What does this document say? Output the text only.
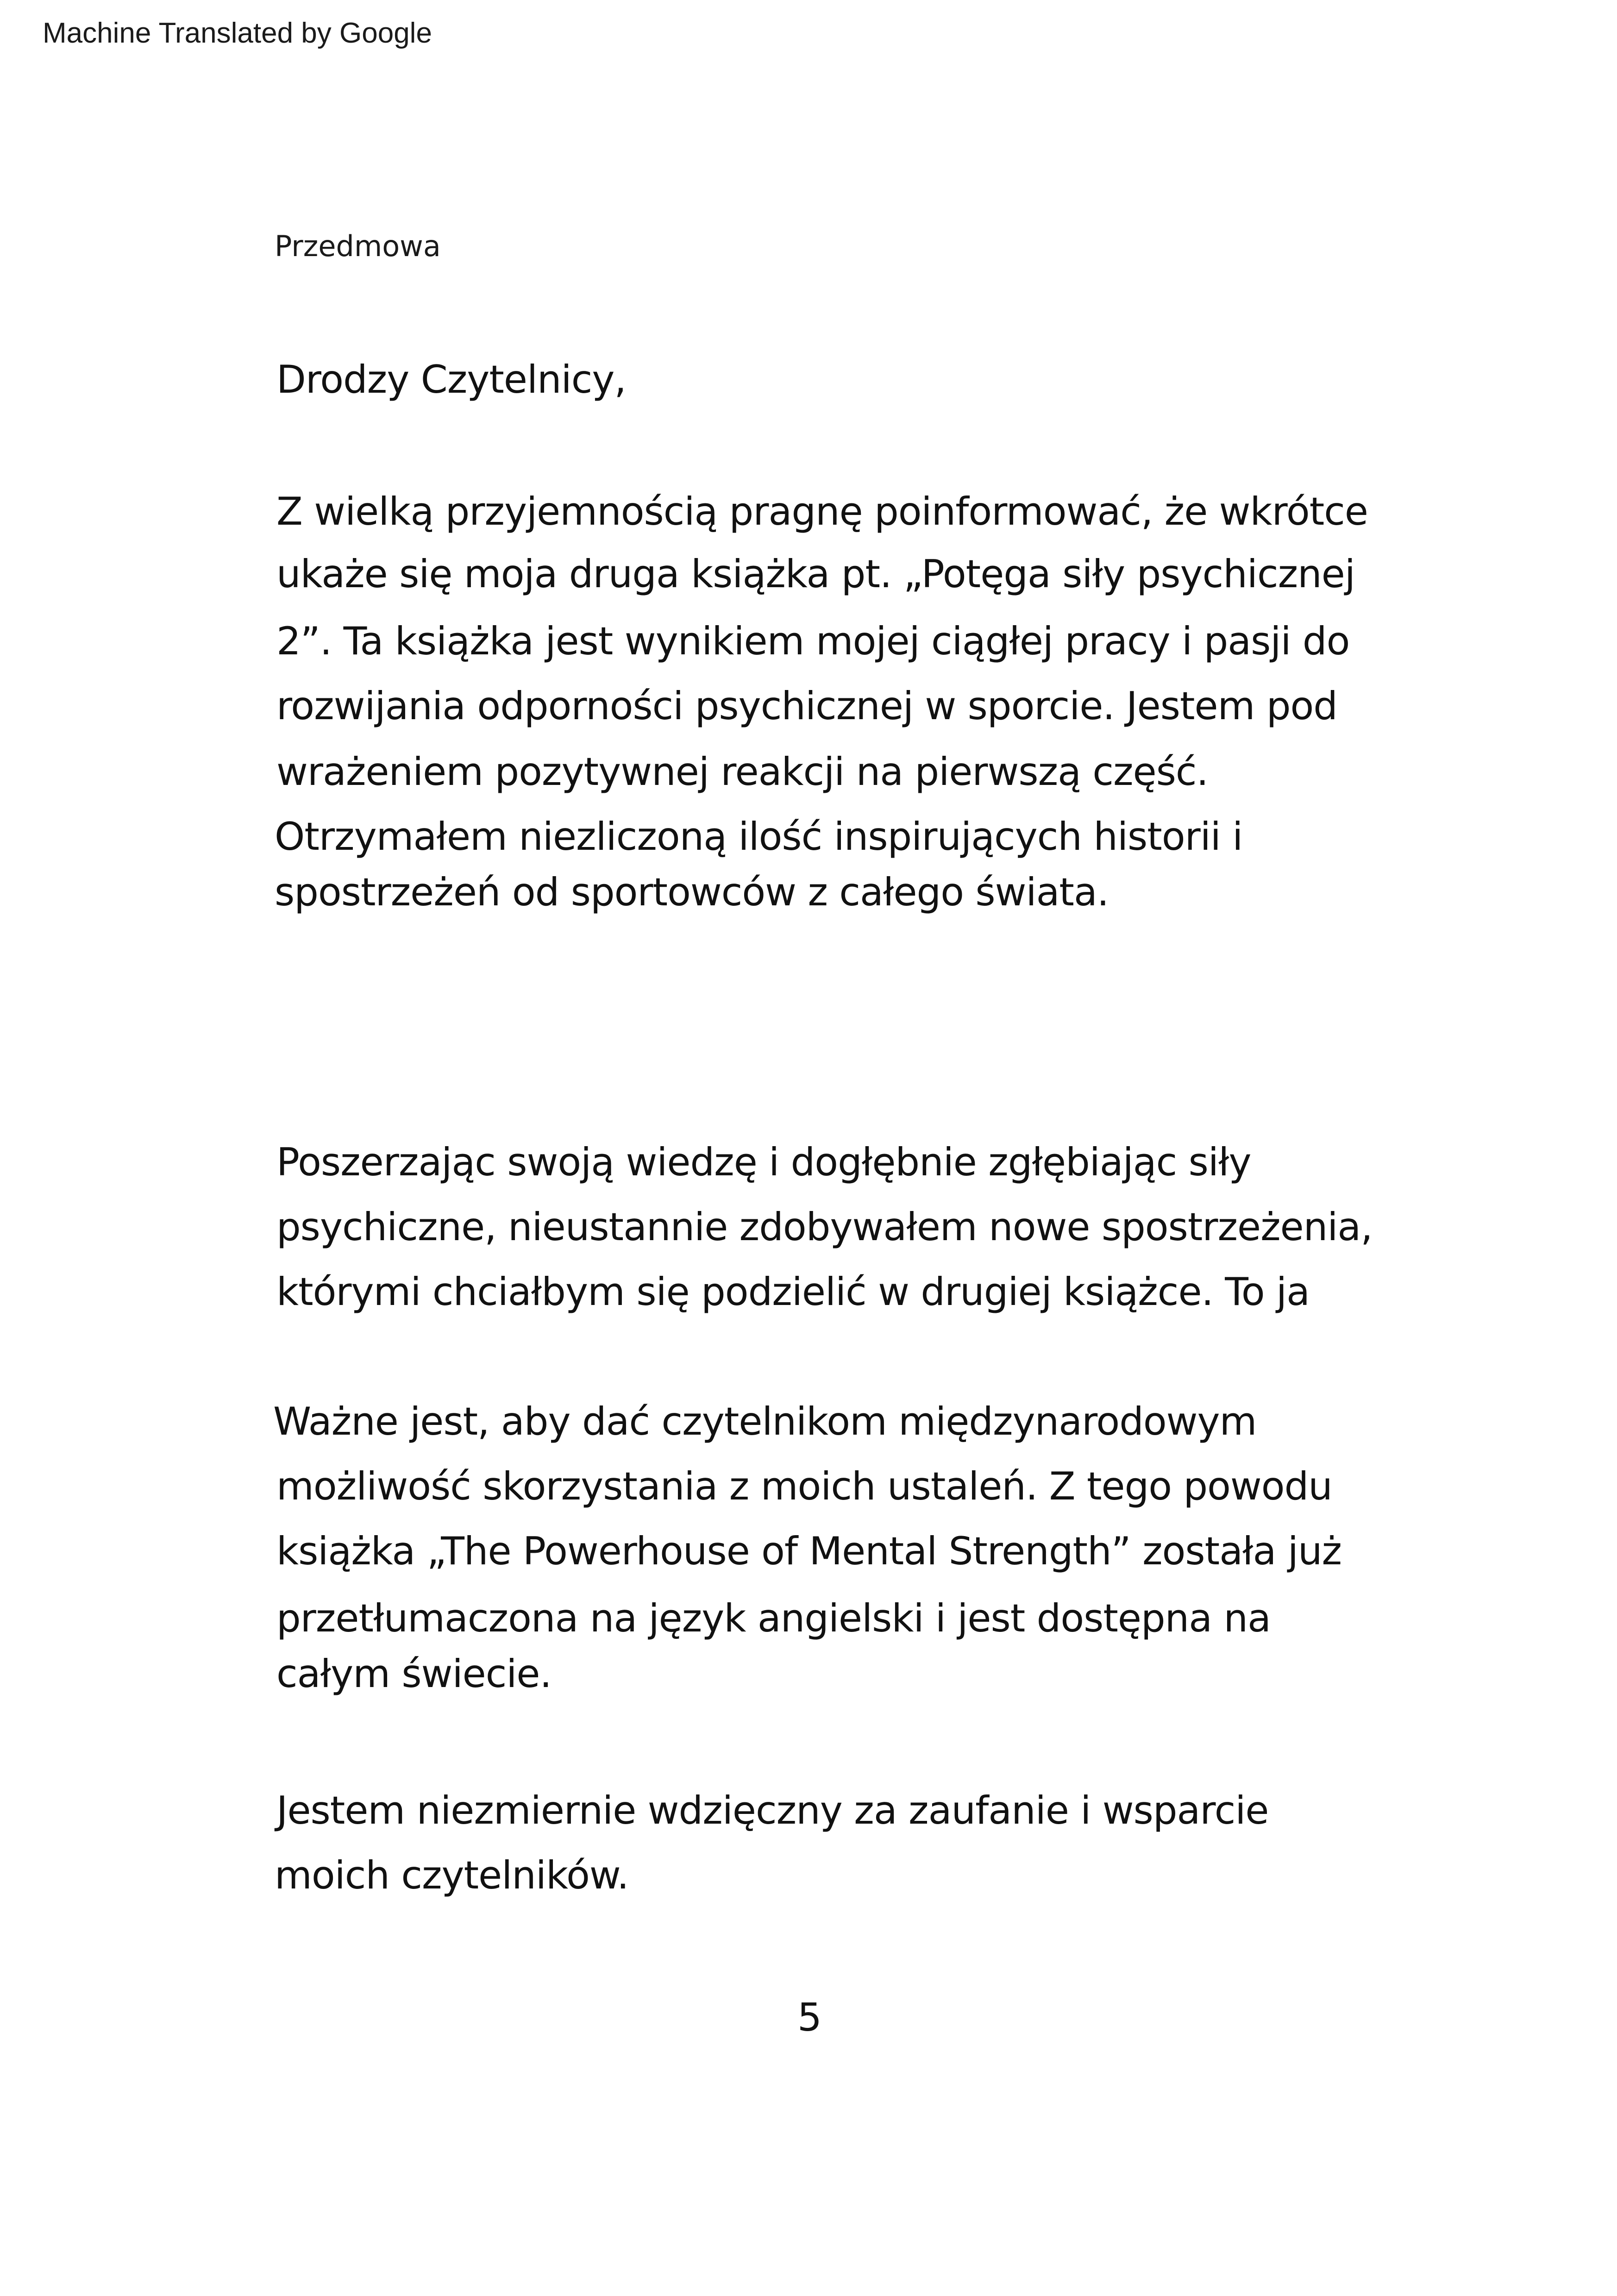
Machine Translated by Google
Przedmowa
Drodzy Czytelnicy,
Z wielką przyjemnością pragnę poinformować, że wkrótce
ukaże się moja druga książka pt. „Potęga siły psychicznej
2”. Ta książka jest wynikiem mojej ciągłej pracy i pasji do
rozwijania odporności psychicznej w sporcie. Jestem pod
wrażeniem pozytywnej reakcji na pierwszą część.
Otrzymałem niezliczoną ilość inspirujących historii i
spostrzeżeń od sportowców z całego świata.
Poszerzając swoją wiedzę i dogłębnie zgłębiając siły
psychiczne, nieustannie zdobywałem nowe spostrzeżenia,
którymi chciałbym się podzielić w drugiej książce. To ja
Ważne jest, aby dać czytelnikom międzynarodowym
możliwość skorzystania z moich ustaleń. Z tego powodu
książka „The Powerhouse of Mental Strength” została już
przetłumaczona na język angielski i jest dostępna na
całym świecie.
Jestem niezmiernie wdzięczny za zaufanie i wsparcie
moich czytelników.
5
